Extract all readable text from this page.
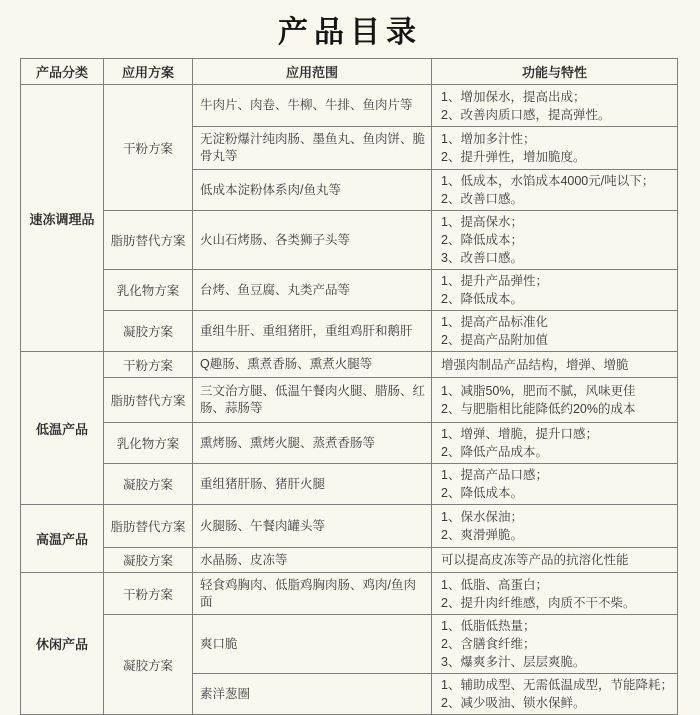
产品目录
产品分类	应用方案	应用范围	功能与特性
速冻调理品	干粉方案	牛肉片、肉卷、牛柳、牛排、鱼肉片等	1、增加保水，提高出成；
2、改善肉质口感，提高弹性。

		无淀粉爆汁纯肉肠、墨鱼丸、鱼肉饼、脆骨丸等	1、增加多汁性；
2、提升弹性，增加脆度。

		低成本淀粉体系肉/鱼丸等	1、低成本，水馅成本4000元/吨以下；
2、改善口感。

	脂肪替代方案	火山石烤肠、各类狮子头等	1、提高保水；
2、降低成本；
3、改善口感。

	乳化物方案	台烤、鱼豆腐、丸类产品等	1、提升产品弹性；
2、降低成本。

	凝胶方案	重组牛肝、重组猪肝，重组鸡肝和鹅肝	1、提高产品标准化
2、提高产品附加值

低温产品	干粉方案	Q趣肠、熏煮香肠、熏煮火腿等	增强肉制品产品结构，增弹、增脆

	脂肪替代方案	三文治方腿、低温午餐肉火腿、腊肠、红肠、蒜肠等	1、减脂50%，肥而不腻，风味更佳
2、与肥脂相比能降低约20%的成本

	乳化物方案	熏烤肠、熏烤火腿、蒸煮香肠等	1、增弹、增脆，提升口感；
2、降低产品成本。

	凝胶方案	重组猪肝肠、猪肝火腿	1、提高产品口感；
2、降低成本。

高温产品	脂肪替代方案	火腿肠、午餐肉罐头等	1、保水保油；
2、爽滑弹脆。

	凝胶方案	水晶肠、皮冻等	可以提高皮冻等产品的抗溶化性能

休闲产品	干粉方案	轻食鸡胸肉、低脂鸡胸肉肠、鸡肉/鱼肉面	1、低脂、高蛋白；
2、提升肉纤维感，肉质不干不柴。

	凝胶方案	爽口脆	1、低脂低热量；
2、含膳食纤维；
3、爆爽多汁、层层爽脆。

		素洋葱圈	1、辅助成型、无需低温成型，节能降耗；
2、减少吸油、锁水保鲜。
